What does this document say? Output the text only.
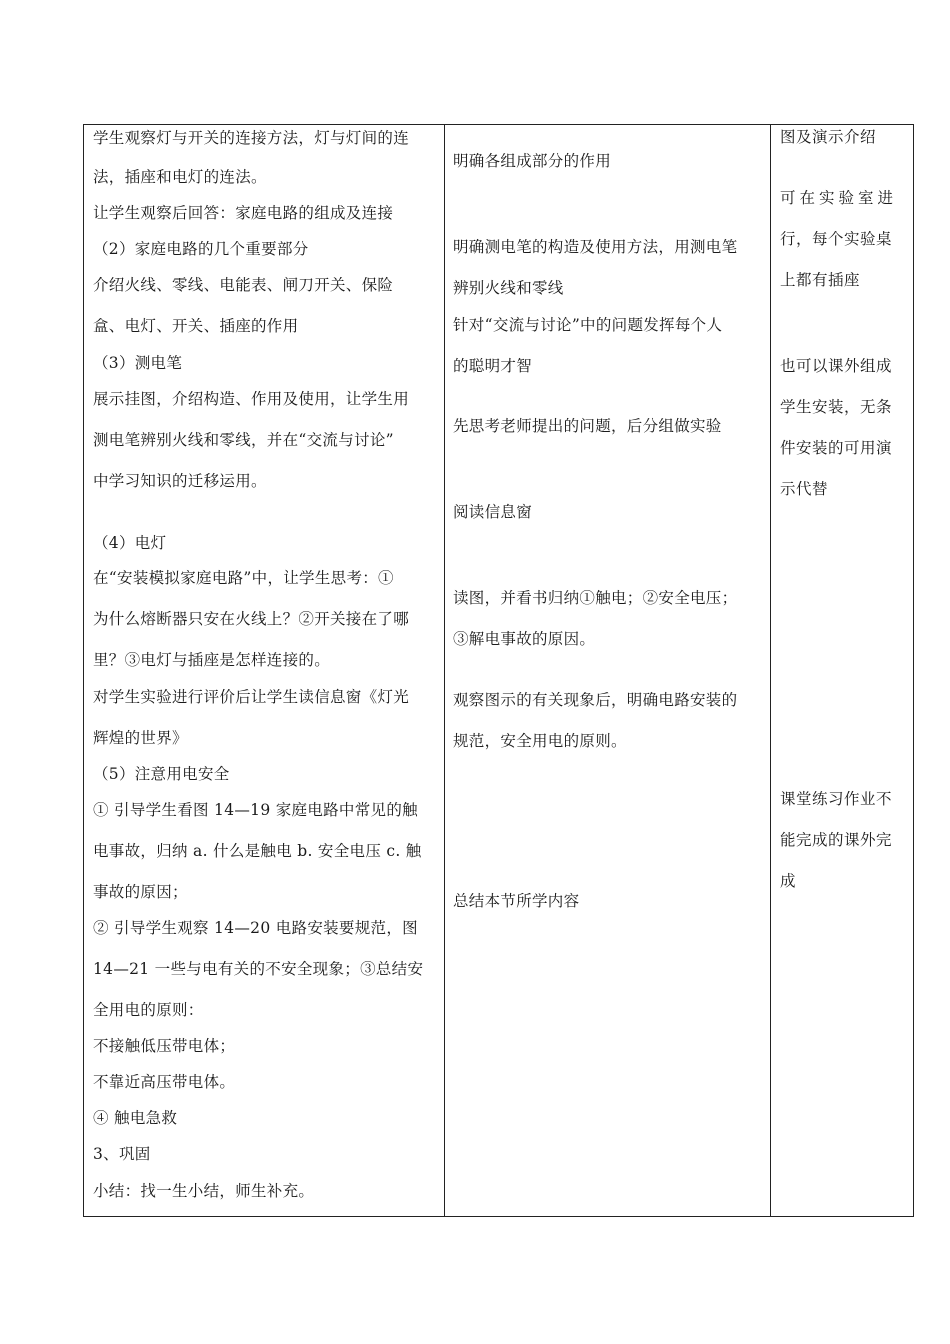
学生观察灯与开关的连接方法，灯与灯间的连
法，插座和电灯的连法。
让学生观察后回答：家庭电路的组成及连接
（2）家庭电路的几个重要部分
介绍火线、零线、电能表、闸刀开关、保险
盒、电灯、开关、插座的作用
（3）测电笔
展示挂图，介绍构造、作用及使用，让学生用
测电笔辨别火线和零线，并在“交流与讨论”
中学习知识的迁移运用。
（4）电灯
在“安装模拟家庭电路”中，让学生思考：①
为什么熔断器只安在火线上？②开关接在了哪
里？③电灯与插座是怎样连接的。
对学生实验进行评价后让学生读信息窗《灯光
辉煌的世界》
（5）注意用电安全
① 引导学生看图 14—19 家庭电路中常见的触
电事故，归纳 a. 什么是触电 b. 安全电压 c. 触
事故的原因；
② 引导学生观察 14—20 电路安装要规范，图
14—21 一些与电有关的不安全现象；③总结安
全用电的原则：
不接触低压带电体；
不靠近高压带电体。
④ 触电急救
3、巩固
小结：找一生小结，师生补充。
明确各组成部分的作用
明确测电笔的构造及使用方法，用测电笔
辨别火线和零线
针对“交流与讨论”中的问题发挥每个人
的聪明才智
先思考老师提出的问题，后分组做实验
阅读信息窗
读图，并看书归纳①触电；②安全电压；
③解电事故的原因。
观察图示的有关现象后，明确电路安装的
规范，安全用电的原则。
总结本节所学内容
图及演示介绍
可在实验室进
行，每个实验桌
上都有插座
也可以课外组成
学生安装，无条
件安装的可用演
示代替
课堂练习作业不
能完成的课外完
成
